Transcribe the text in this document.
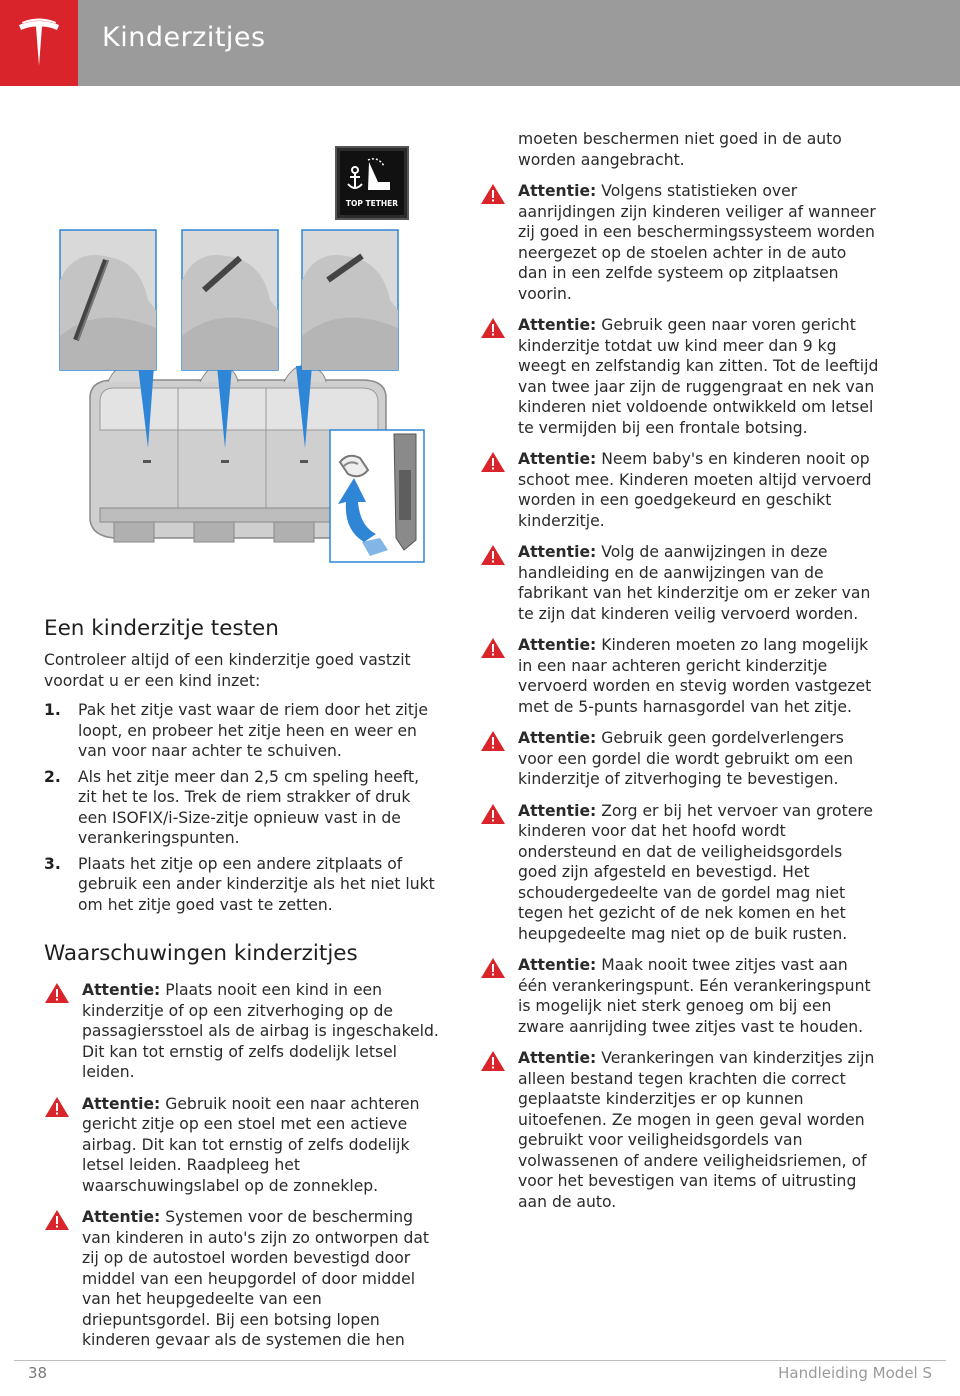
Kinderzitjes
TOP TETHER
Een kinderzitje testen

Controleer altijd of een kinderzitje goed vastzit voordat u er een kind inzet:

1.	Pak het zitje vast waar de riem door het zitje loopt, en probeer het zitje heen en weer en van voor naar achter te schuiven.
2.	Als het zitje meer dan 2,5 cm speling heeft, zit het te los. Trek de riem strakker of druk een ISOFIX/i-Size-zitje opnieuw vast in de verankeringspunten.
3.	Plaats het zitje op een andere zitplaats of gebruik een ander kinderzitje als het niet lukt om het zitje goed vast te zetten.
Waarschuwingen kinderzitjes
Attentie: Plaats nooit een kind in een kinderzitje of op een zitverhoging op de passagiersstoel als de airbag is ingeschakeld. Dit kan tot ernstig of zelfs dodelijk letsel leiden.
Attentie: Gebruik nooit een naar achteren gericht zitje op een stoel met een actieve airbag. Dit kan tot ernstig of zelfs dodelijk letsel leiden. Raadpleeg het waarschuwingslabel op de zonneklep.
Attentie: Systemen voor de bescherming van kinderen in auto's zijn zo ontworpen dat zij op de autostoel worden bevestigd door middel van een heupgordel of door middel van het heupgedeelte van een driepuntsgordel. Bij een botsing lopen kinderen gevaar als de systemen die hen
moeten beschermen niet goed in de auto worden aangebracht.
Attentie: Volgens statistieken over aanrijdingen zijn kinderen veiliger af wanneer zij goed in een beschermingssysteem worden neergezet op de stoelen achter in de auto dan in een zelfde systeem op zitplaatsen voorin.
Attentie: Gebruik geen naar voren gericht kinderzitje totdat uw kind meer dan 9 kg weegt en zelfstandig kan zitten. Tot de leeftijd van twee jaar zijn de ruggengraat en nek van kinderen niet voldoende ontwikkeld om letsel te vermijden bij een frontale botsing.
Attentie: Neem baby's en kinderen nooit op schoot mee. Kinderen moeten altijd vervoerd worden in een goedgekeurd en geschikt kinderzitje.
Attentie: Volg de aanwijzingen in deze handleiding en de aanwijzingen van de fabrikant van het kinderzitje om er zeker van te zijn dat kinderen veilig vervoerd worden.
Attentie: Kinderen moeten zo lang mogelijk in een naar achteren gericht kinderzitje vervoerd worden en stevig worden vastgezet met de 5-punts harnasgordel van het zitje.
Attentie: Gebruik geen gordelverlengers voor een gordel die wordt gebruikt om een kinderzitje of zitverhoging te bevestigen.
Attentie: Zorg er bij het vervoer van grotere kinderen voor dat het hoofd wordt ondersteund en dat de veiligheidsgordels goed zijn afgesteld en bevestigd. Het schoudergedeelte van de gordel mag niet tegen het gezicht of de nek komen en het heupgedeelte mag niet op de buik rusten.
Attentie: Maak nooit twee zitjes vast aan één verankeringspunt. Eén verankeringspunt is mogelijk niet sterk genoeg om bij een zware aanrijding twee zitjes vast te houden.
Attentie: Verankeringen van kinderzitjes zijn alleen bestand tegen krachten die correct geplaatste kinderzitjes er op kunnen uitoefenen. Ze mogen in geen geval worden gebruikt voor veiligheidsgordels van volwassenen of andere veiligheidsriemen, of voor het bevestigen van items of uitrusting aan de auto.
38	Handleiding Model S
